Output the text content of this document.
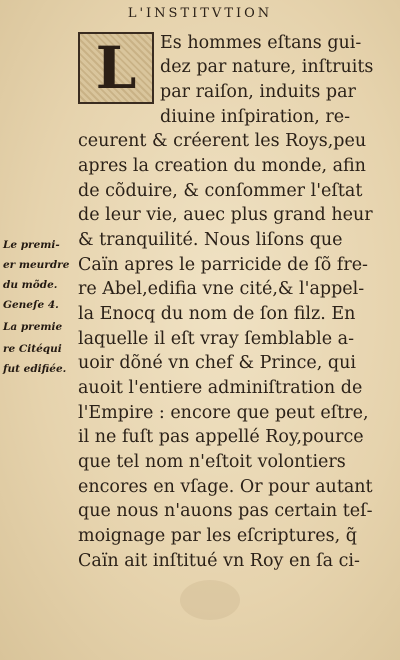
L'INSTITVTION
L Es hommes eſtans gui-
dez par nature, inſtruits
par raiſon, induits par
diuine inſpiration, re-
ceurent & créerent les Roys,peu
apres la creation du monde, afin
de cõduire, & conſommer l'eſtat
de leur vie, auec plus grand heur
& tranquilité. Nous liſons que
Caïn apres le parricide de ſõ fre-
re Abel,edifia vne cité,& l'appel-
la Enocq du nom de ſon filz. En
laquelle il eſt vray ſemblable a-
uoir dõné vn chef & Prince, qui
auoit l'entiere adminiſtration de
l'Empire : encore que peut eſtre,
il ne fuſt pas appellé Roy,pource
que tel nom n'eſtoit volontiers
encores en vſage. Or pour autant
que nous n'auons pas certain teſ-
moignage par les eſcriptures, q̃
Caïn ait inſtitué vn Roy en ſa ci-
Le premi-
er meurdre
du mõde.
Geneſe 4.
La premie
re Citéqui
fut edifiée.
